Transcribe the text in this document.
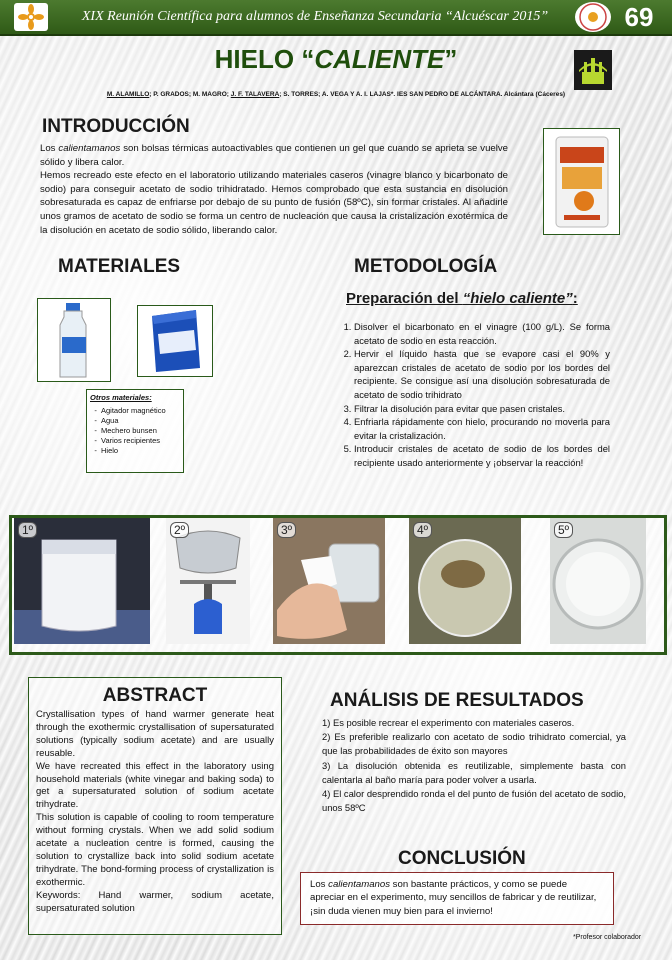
XIX Reunión Científica para alumnos de Enseñanza Secundaria “Alcuéscar 2015”	69
HIELO “CALIENTE”
M. ALAMILLO; P. GRADOS; M. MAGRO; J. F. TALAVERA; S. TORRES; A. VEGA Y A. I. LAJAS*. IES SAN PEDRO DE ALCÁNTARA. Alcántara (Cáceres)
INTRODUCCIÓN
Los calientamanos son bolsas térmicas autoactivables que contienen un gel que cuando se aprieta se vuelve sólido y libera calor.
Hemos recreado este efecto en el laboratorio utilizando materiales caseros (vinagre blanco y bicarbonato de sodio) para conseguir acetato de sodio trihidratado. Hemos comprobado que esta sustancia en disolución sobresaturada es capaz de enfriarse por debajo de su punto de fusión (58ºC), sin formar cristales. Al añadirle unos gramos de acetato de sodio se forma un centro de nucleación que causa la cristalización exotérmica de la disolución en acetato de sodio sólido, liberando calor.
MATERIALES
Otros materiales:
- Agitador magnético
- Agua
- Mechero bunsen
- Varios recipientes
- Hielo
METODOLOGÍA
Preparación del “hielo caliente”:
1. Disolver el bicarbonato en el vinagre (100 g/L). Se forma acetato de sodio en esta reacción.
2. Hervir el líquido hasta que se evapore casi el 90% y aparezcan cristales de acetato de sodio por los bordes del recipiente. Se consigue así una disolución sobresaturada de acetato de sodio trihidrato
3. Filtrar la disolución para evitar que pasen cristales.
4. Enfriarla rápidamente con hielo, procurando no moverla para evitar la cristalización.
5. Introducir cristales de acetato de sodio de los bordes del recipiente usado anteriormente y ¡observar la reacción!
1º	2º	3º	4º	5º
ABSTRACT
Crystallisation types of hand warmer generate heat through the exothermic crystallisation of supersaturated solutions (typically sodium acetate) and are usually reusable.
We have recreated this effect in the laboratory using household materials (white vinegar and baking soda) to get a supersaturated solution of sodium acetate trihydrate.
This solution is capable of cooling to room temperature without forming crystals. When we add solid sodium acetate a nucleation centre is formed, causing the solution to crystallize back into solid sodium acetate trihydrate. The bond-forming process of crystallization is exothermic.
Keywords: Hand warmer, sodium acetate, supersaturated solution
ANÁLISIS DE RESULTADOS
1) Es posible recrear el experimento con materiales caseros.
2) Es preferible realizarlo con acetato de sodio trihidrato comercial, ya que las probabilidades de éxito son mayores
3) La disolución obtenida es reutilizable, simplemente basta con calentarla al baño maría para poder volver a usarla.
4) El calor desprendido ronda el del punto de fusión del acetato de sodio, unos 58ºC
CONCLUSIÓN
Los calientamanos son bastante prácticos, y como se puede apreciar en el experimento, muy sencillos de fabricar y de reutilizar, ¡sin duda vienen muy bien para el invierno!
*Profesor colaborador
